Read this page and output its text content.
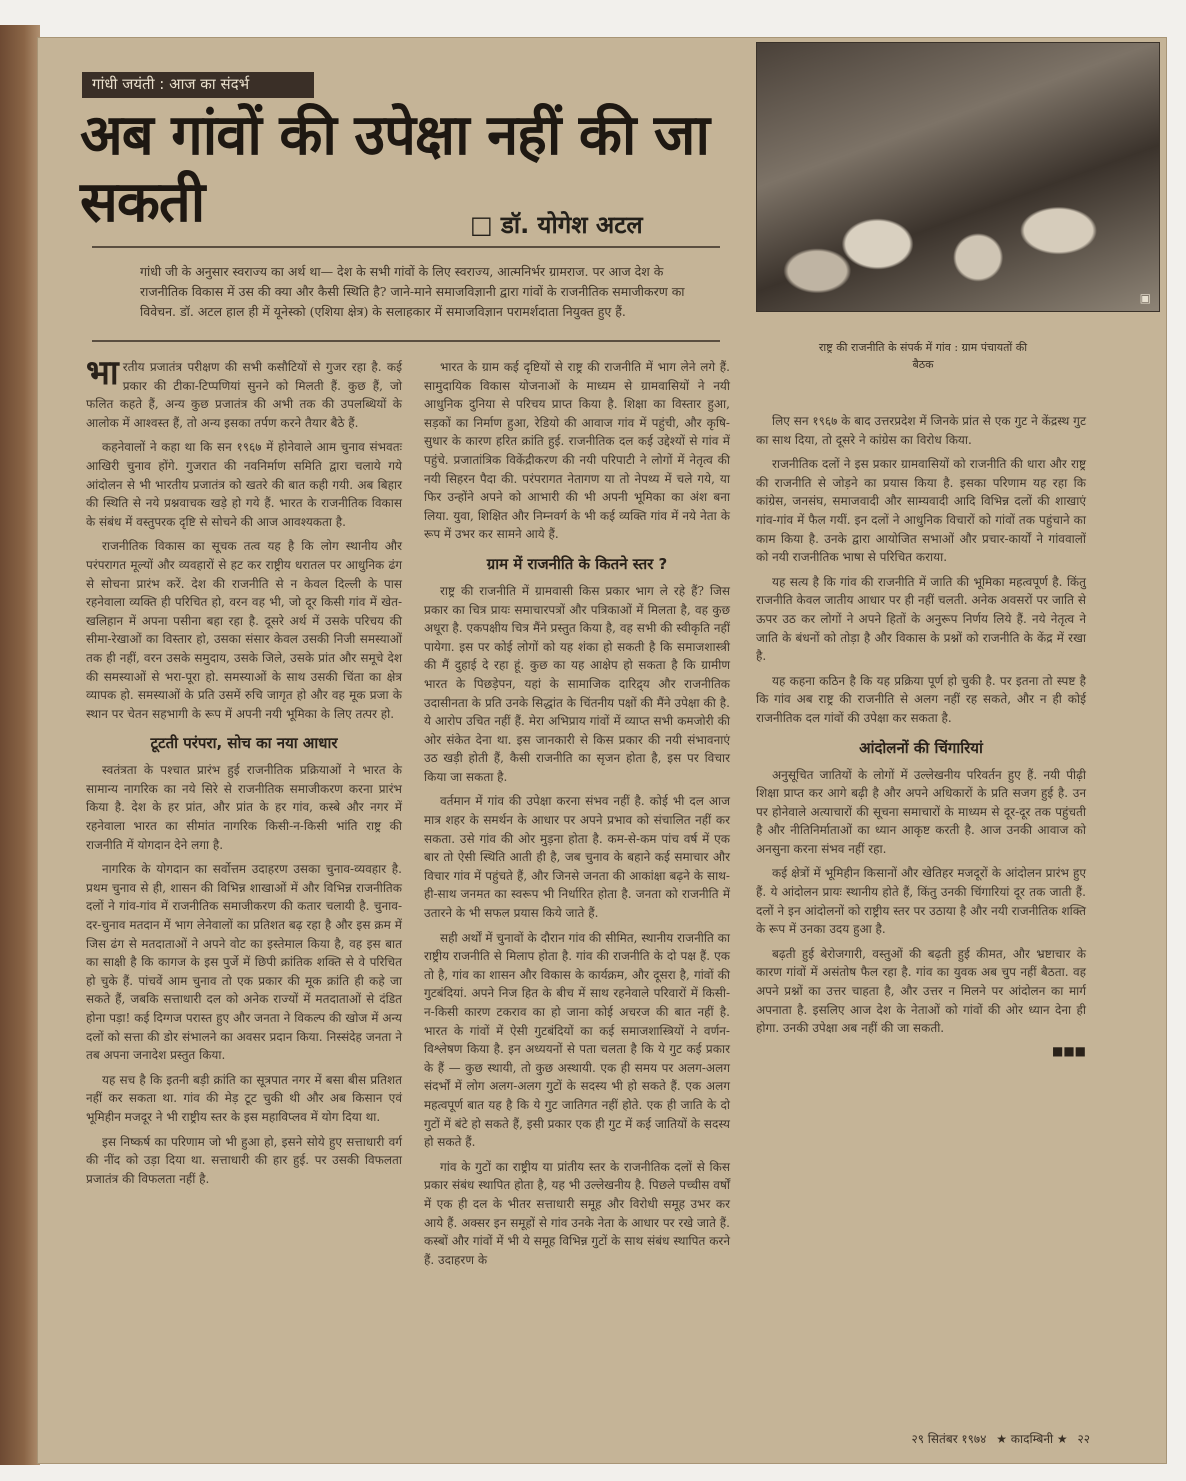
गांधी जयंती : आज का संदर्भ
अब गांवों की उपेक्षा नहीं की जा सकती	□ डॉ. योगेश अटल
गांधी जी के अनुसार स्वराज्य का अर्थ था— देश के सभी गांवों के लिए स्वराज्य, आत्मनिर्भर ग्रामराज. पर आज देश के राजनीतिक विकास में उस की क्या और कैसी स्थिति है? जाने-माने समाजविज्ञानी द्वारा गांवों के राजनीतिक समाजीकरण का विवेचन. डॉ. अटल हाल ही में यूनेस्को (एशिया क्षेत्र) के सलाहकार में समाजविज्ञान परामर्शदाता नियुक्त हुए हैं.
▣
राष्ट्र की राजनीति के संपर्क में गांव : ग्राम पंचायतों की बैठक

भारतीय प्रजातंत्र परीक्षण की सभी कसौटियों से गुजर रहा है. कई प्रकार की टीका-टिप्पणियां सुनने को मिलती हैं. कुछ हैं, जो फलित कहते हैं, अन्य कुछ प्रजातंत्र की अभी तक की उपलब्धियों के आलोक में आश्वस्त हैं, तो अन्य इसका तर्पण करने तैयार बैठे हैं.

कहनेवालों ने कहा था कि सन १९६७ में होनेवाले आम चुनाव संभवतः आखिरी चुनाव होंगे. गुजरात की नवनिर्माण समिति द्वारा चलाये गये आंदोलन से भी भारतीय प्रजातंत्र को खतरे की बात कही गयी. अब बिहार की स्थिति से नये प्रश्नवाचक खड़े हो गये हैं. भारत के राजनीतिक विकास के संबंध में वस्तुपरक दृष्टि से सोचने की आज आवश्यकता है.

राजनीतिक विकास का सूचक तत्व यह है कि लोग स्थानीय और परंपरागत मूल्यों और व्यवहारों से हट कर राष्ट्रीय धरातल पर आधुनिक ढंग से सोचना प्रारंभ करें. देश की राजनीति से न केवल दिल्ली के पास रहनेवाला व्यक्ति ही परिचित हो, वरन वह भी, जो दूर किसी गांव में खेत-खलिहान में अपना पसीना बहा रहा है. दूसरे अर्थ में उसके परिचय की सीमा-रेखाओं का विस्तार हो, उसका संसार केवल उसकी निजी समस्याओं तक ही नहीं, वरन उसके समुदाय, उसके जिले, उसके प्रांत और समूचे देश की समस्याओं से भरा-पूरा हो. समस्याओं के साथ उसकी चिंता का क्षेत्र व्यापक हो. समस्याओं के प्रति उसमें रुचि जागृत हो और वह मूक प्रजा के स्थान पर चेतन सहभागी के रूप में अपनी नयी भूमिका के लिए तत्पर हो.

टूटती परंपरा, सोच का नया आधार

स्वतंत्रता के पश्चात प्रारंभ हुई राजनीतिक प्रक्रियाओं ने भारत के सामान्य नागरिक का नये सिरे से राजनीतिक समाजीकरण करना प्रारंभ किया है. देश के हर प्रांत, और प्रांत के हर गांव, कस्बे और नगर में रहनेवाला भारत का सीमांत नागरिक किसी-न-किसी भांति राष्ट्र की राजनीति में योगदान देने लगा है.

नागरिक के योगदान का सर्वोत्तम उदाहरण उसका चुनाव-व्यवहार है. प्रथम चुनाव से ही, शासन की विभिन्न शाखाओं में और विभिन्न राजनीतिक दलों ने गांव-गांव में राजनीतिक समाजीकरण की कतार चलायी है. चुनाव-दर-चुनाव मतदान में भाग लेनेवालों का प्रतिशत बढ़ रहा है और इस क्रम में जिस ढंग से मतदाताओं ने अपने वोट का इस्तेमाल किया है, वह इस बात का साक्षी है कि कागज के इस पुर्जे में छिपी क्रांतिक शक्ति से वे परिचित हो चुके हैं. पांचवें आम चुनाव तो एक प्रकार की मूक क्रांति ही कहे जा सकते हैं, जबकि सत्ताधारी दल को अनेक राज्यों में मतदाताओं से दंडित होना पड़ा! कई दिग्गज परास्त हुए और जनता ने विकल्प की खोज में अन्य दलों को सत्ता की डोर संभालने का अवसर प्रदान किया. निस्संदेह जनता ने तब अपना जनादेश प्रस्तुत किया.

यह सच है कि इतनी बड़ी क्रांति का सूत्रपात नगर में बसा बीस प्रतिशत नहीं कर सकता था. गांव की मेड़ टूट चुकी थी और अब किसान एवं भूमिहीन मजदूर ने भी राष्ट्रीय स्तर के इस महाविप्लव में योग दिया था.

इस निष्कर्ष का परिणाम जो भी हुआ हो, इसने सोये हुए सत्ताधारी वर्ग की नींद को उड़ा दिया था. सत्ताधारी की हार हुई. पर उसकी विफलता प्रजातंत्र की विफलता नहीं है.

भारत के ग्राम कई दृष्टियों से राष्ट्र की राजनीति में भाग लेने लगे हैं. सामुदायिक विकास योजनाओं के माध्यम से ग्रामवासियों ने नयी आधुनिक दुनिया से परिचय प्राप्त किया है. शिक्षा का विस्तार हुआ, सड़कों का निर्माण हुआ, रेडियो की आवाज गांव में पहुंची, और कृषि-सुधार के कारण हरित क्रांति हुई. राजनीतिक दल कई उद्देश्यों से गांव में पहुंचे. प्रजातांत्रिक विकेंद्रीकरण की नयी परिपाटी ने लोगों में नेतृत्व की नयी सिहरन पैदा की. परंपरागत नेतागण या तो नेपथ्य में चले गये, या फिर उन्होंने अपने को आभारी की भी अपनी भूमिका का अंश बना लिया. युवा, शिक्षित और निम्नवर्ग के भी कई व्यक्ति गांव में नये नेता के रूप में उभर कर सामने आये हैं.

ग्राम में राजनीति के कितने स्तर ?

राष्ट्र की राजनीति में ग्रामवासी किस प्रकार भाग ले रहे हैं? जिस प्रकार का चित्र प्रायः समाचारपत्रों और पत्रिकाओं में मिलता है, वह कुछ अधूरा है. एकपक्षीय चित्र मैंने प्रस्तुत किया है, वह सभी की स्वीकृति नहीं पायेगा. इस पर कोई लोगों को यह शंका हो सकती है कि समाजशास्त्री की मैं दुहाई दे रहा हूं. कुछ का यह आक्षेप हो सकता है कि ग्रामीण भारत के पिछड़ेपन, यहां के सामाजिक दारिद्र्य और राजनीतिक उदासीनता के प्रति उनके सिद्धांत के चिंतनीय पक्षों की मैंने उपेक्षा की है. ये आरोप उचित नहीं हैं. मेरा अभिप्राय गांवों में व्याप्त सभी कमजोरी की ओर संकेत देना था. इस जानकारी से किस प्रकार की नयी संभावनाएं उठ खड़ी होती हैं, कैसी राजनीति का सृजन होता है, इस पर विचार किया जा सकता है.

वर्तमान में गांव की उपेक्षा करना संभव नहीं है. कोई भी दल आज मात्र शहर के समर्थन के आधार पर अपने प्रभाव को संचालित नहीं कर सकता. उसे गांव की ओर मुड़ना होता है. कम-से-कम पांच वर्ष में एक बार तो ऐसी स्थिति आती ही है, जब चुनाव के बहाने कई समाचार और विचार गांव में पहुंचते हैं, और जिनसे जनता की आकांक्षा बढ़ने के साथ-ही-साथ जनमत का स्वरूप भी निर्धारित होता है. जनता को राजनीति में उतारने के भी सफल प्रयास किये जाते हैं.

सही अर्थों में चुनावों के दौरान गांव की सीमित, स्थानीय राजनीति का राष्ट्रीय राजनीति से मिलाप होता है. गांव की राजनीति के दो पक्ष हैं. एक तो है, गांव का शासन और विकास के कार्यक्रम, और दूसरा है, गांवों की गुटबंदियां. अपने निज हित के बीच में साथ रहनेवाले परिवारों में किसी-न-किसी कारण टकराव का हो जाना कोई अचरज की बात नहीं है. भारत के गांवों में ऐसी गुटबंदियों का कई समाजशास्त्रियों ने वर्णन-विश्लेषण किया है. इन अध्ययनों से पता चलता है कि ये गुट कई प्रकार के हैं — कुछ स्थायी, तो कुछ अस्थायी. एक ही समय पर अलग-अलग संदर्भों में लोग अलग-अलग गुटों के सदस्य भी हो सकते हैं. एक अलग महत्वपूर्ण बात यह है कि ये गुट जातिगत नहीं होते. एक ही जाति के दो गुटों में बंटे हो सकते हैं, इसी प्रकार एक ही गुट में कई जातियों के सदस्य हो सकते हैं.

गांव के गुटों का राष्ट्रीय या प्रांतीय स्तर के राजनीतिक दलों से किस प्रकार संबंध स्थापित होता है, यह भी उल्लेखनीय है. पिछले पच्चीस वर्षों में एक ही दल के भीतर सत्ताधारी समूह और विरोधी समूह उभर कर आये हैं. अक्सर इन समूहों से गांव उनके नेता के आधार पर रखे जाते हैं. कस्बों और गांवों में भी ये समूह विभिन्न गुटों के साथ संबंध स्थापित करने हैं. उदाहरण के

लिए सन १९६७ के बाद उत्तरप्रदेश में जिनके प्रांत से एक गुट ने केंद्रस्थ गुट का साथ दिया, तो दूसरे ने कांग्रेस का विरोध किया.

राजनीतिक दलों ने इस प्रकार ग्रामवासियों को राजनीति की धारा और राष्ट्र की राजनीति से जोड़ने का प्रयास किया है. इसका परिणाम यह रहा कि कांग्रेस, जनसंघ, समाजवादी और साम्यवादी आदि विभिन्न दलों की शाखाएं गांव-गांव में फैल गयीं. इन दलों ने आधुनिक विचारों को गांवों तक पहुंचाने का काम किया है. उनके द्वारा आयोजित सभाओं और प्रचार-कार्यों ने गांववालों को नयी राजनीतिक भाषा से परिचित कराया.

यह सत्य है कि गांव की राजनीति में जाति की भूमिका महत्वपूर्ण है. किंतु राजनीति केवल जातीय आधार पर ही नहीं चलती. अनेक अवसरों पर जाति से ऊपर उठ कर लोगों ने अपने हितों के अनुरूप निर्णय लिये हैं. नये नेतृत्व ने जाति के बंधनों को तोड़ा है और विकास के प्रश्नों को राजनीति के केंद्र में रखा है.

यह कहना कठिन है कि यह प्रक्रिया पूर्ण हो चुकी है. पर इतना तो स्पष्ट है कि गांव अब राष्ट्र की राजनीति से अलग नहीं रह सकते, और न ही कोई राजनीतिक दल गांवों की उपेक्षा कर सकता है.

आंदोलनों की चिंगारियां

अनुसूचित जातियों के लोगों में उल्लेखनीय परिवर्तन हुए हैं. नयी पीढ़ी शिक्षा प्राप्त कर आगे बढ़ी है और अपने अधिकारों के प्रति सजग हुई है. उन पर होनेवाले अत्याचारों की सूचना समाचारों के माध्यम से दूर-दूर तक पहुंचती है और नीतिनिर्माताओं का ध्यान आकृष्ट करती है. आज उनकी आवाज को अनसुना करना संभव नहीं रहा.

कई क्षेत्रों में भूमिहीन किसानों और खेतिहर मजदूरों के आंदोलन प्रारंभ हुए हैं. ये आंदोलन प्रायः स्थानीय होते हैं, किंतु उनकी चिंगारियां दूर तक जाती हैं. दलों ने इन आंदोलनों को राष्ट्रीय स्तर पर उठाया है और नयी राजनीतिक शक्ति के रूप में उनका उदय हुआ है.

बढ़ती हुई बेरोजगारी, वस्तुओं की बढ़ती हुई कीमत, और भ्रष्टाचार के कारण गांवों में असंतोष फैल रहा है. गांव का युवक अब चुप नहीं बैठता. वह अपने प्रश्नों का उत्तर चाहता है, और उत्तर न मिलने पर आंदोलन का मार्ग अपनाता है. इसलिए आज देश के नेताओं को गांवों की ओर ध्यान देना ही होगा. उनकी उपेक्षा अब नहीं की जा सकती.

■■■
२९ सितंबर १९७४ ★ कादम्बिनी ★ २२
